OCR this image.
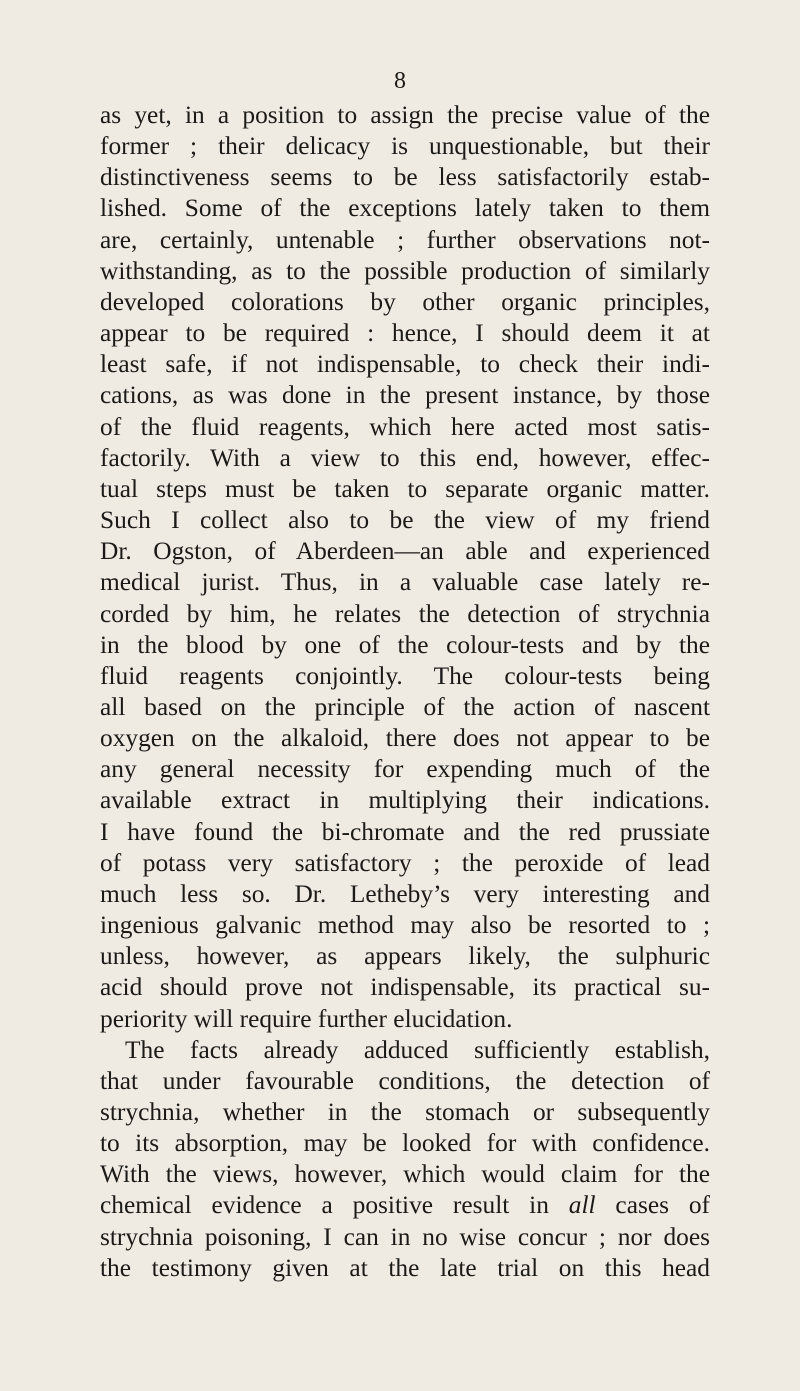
8
as yet, in a position to assign the precise value of the
former ; their delicacy is unquestionable, but their
distinctiveness seems to be less satisfactorily estab-
lished. Some of the exceptions lately taken to them
are, certainly, untenable ; further observations not-
withstanding, as to the possible production of similarly
developed colorations by other organic principles,
appear to be required : hence, I should deem it at
least safe, if not indispensable, to check their indi-
cations, as was done in the present instance, by those
of the fluid reagents, which here acted most satis-
factorily. With a view to this end, however, effec-
tual steps must be taken to separate organic matter.
Such I collect also to be the view of my friend
Dr. Ogston, of Aberdeen—an able and experienced
medical jurist. Thus, in a valuable case lately re-
corded by him, he relates the detection of strychnia
in the blood by one of the colour-tests and by the
fluid reagents conjointly. The colour-tests being
all based on the principle of the action of nascent
oxygen on the alkaloid, there does not appear to be
any general necessity for expending much of the
available extract in multiplying their indications.
I have found the bi-chromate and the red prussiate
of potass very satisfactory ; the peroxide of lead
much less so. Dr. Letheby’s very interesting and
ingenious galvanic method may also be resorted to ;
unless, however, as appears likely, the sulphuric
acid should prove not indispensable, its practical su-
periority will require further elucidation.
The facts already adduced sufficiently establish,
that under favourable conditions, the detection of
strychnia, whether in the stomach or subsequently
to its absorption, may be looked for with confidence.
With the views, however, which would claim for the
chemical evidence a positive result in all cases of
strychnia poisoning, I can in no wise concur ; nor does
the testimony given at the late trial on this head
